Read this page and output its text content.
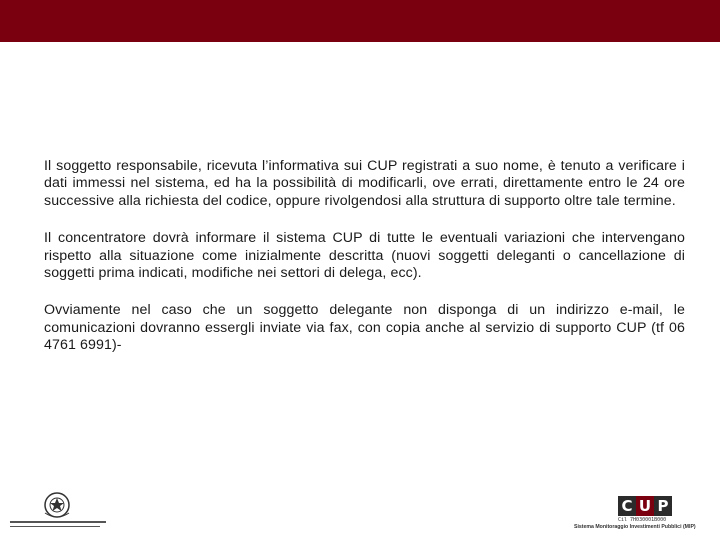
Il soggetto responsabile, ricevuta l’informativa sui CUP registrati a suo nome, è tenuto a verificare i dati immessi nel sistema, ed ha la possibilità di modificarli, ove errati, direttamente entro le 24 ore successive alla richiesta del codice, oppure rivolgendosi alla struttura di supporto oltre tale termine.

Il concentratore dovrà informare il sistema CUP di tutte le eventuali variazioni che intervengano rispetto alla situazione come inizialmente descritta (nuovi soggetti deleganti o cancellazione di soggetti prima indicati, modifiche nei settori di delega, ecc).

Ovviamente nel caso che un soggetto delegante non disponga di un indirizzo e-mail, le comunicazioni dovranno essergli inviate via fax, con copia anche al servizio di supporto CUP (tf 06 4761 6991)-

C U P
Cil 7H030001B000
Sistema Monitoraggio Investimenti Pubblici (MIP)
